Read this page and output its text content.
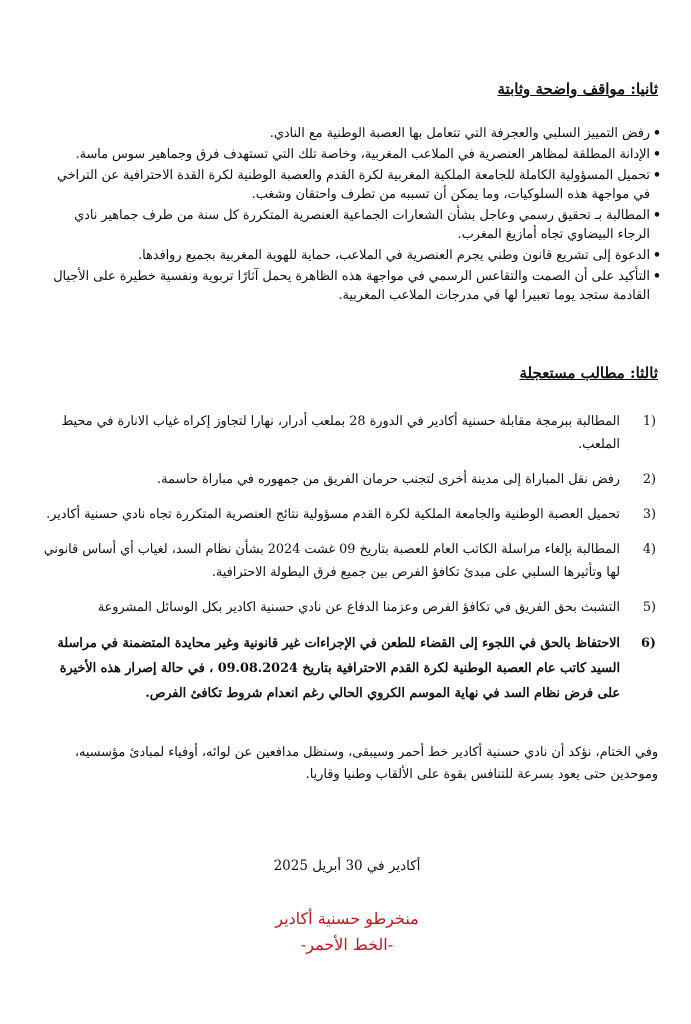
ثانيا: مواقف واضحة وثابتة
• رفض التمييز السلبي والعجرفة التي تتعامل بها العصبة الوطنية مع النادي.
• الإدانة المطلقة لمظاهر العنصرية في الملاعب المغربية، وخاصة تلك التي تستهدف فرق وجماهير سوس ماسة.
• تحميل المسؤولية الكاملة للجامعة الملكية المغربية لكرة القدم والعصبة الوطنية لكرة القدة الاحترافية عن التراخي في مواجهة هذه السلوكيات، وما يمكن أن تسببه من تطرف واحتقان وشغب.
• المطالبة بـ تحقيق رسمي وعاجل بشأن الشعارات الجماعية العنصرية المتكررة كل سنة من طرف جماهير نادي الرجاء البيضاوي تجاه أمازيغ المغرب.
• الدعوة إلى تشريع قانون وطني يجرم العنصرية في الملاعب، حماية للهوية المغربية بجميع روافدها.
• التأكيد على أن الصمت والتقاعس الرسمي في مواجهة هذه الظاهرة يحمل آثارًا تربوية ونفسية خطيرة على الأجيال القادمة ستجد يوما تعبيرا لها في مدرجات الملاعب المغربية.
ثالثا: مطالب مستعجلة
1)
المطالبة ببرمجة مقابلة حسنية أكادير في الدورة 28 بملعب أدرار، نهارا لتجاوز إكراه غياب الانارة في محيط الملعب.
2)
رفض نقل المباراة إلى مدينة أخرى لتجنب حرمان الفريق من جمهوره في مباراة حاسمة.
3)
تحميل العصبة الوطنية والجامعة الملكية لكرة القدم مسؤولية نتائج العنصرية المتكررة تجاه نادي حسنية أكادير.
4)
المطالبة بإلغاء مراسلة الكاتب العام للعصبة بتاريخ 09 غشت 2024 بشأن نظام السد، لغياب أي أساس قانوني لها وتأثيرها السلبي على مبدئ تكافؤ الفرص بين جميع فرق البطولة الاحترافية.
5)
التشبث بحق الفريق في تكافؤ الفرص وعزمنا الدفاع عن نادي حسنية اكادير بكل الوسائل المشروعة
6)
الاحتفاظ بالحق في اللجوء إلى القضاء للطعن في الإجراءات غير قانونية وغير محايدة المتضمنة في مراسلة السيد كاتب عام العصبة الوطنية لكرة القدم الاحترافية بتاريخ 09.08.2024 ، في حالة إصرار هذه الأخيرة على فرض نظام السد في نهاية الموسم الكروي الحالي رغم انعدام شروط تكافئ الفرص.

وفي الختام، نؤكد أن نادي حسنية أكادير خط أحمر وسيبقى، وسنظل مدافعين عن لوائه، أوفياء لمبادئ مؤسسيه، وموحدين حتى يعود بسرعة للتنافس بقوة على الألقاب وطنيا وقاريا.

أكادير في 30 أبريل 2025

منخرطو حسنية أكادير
-الخط الأحمر-
